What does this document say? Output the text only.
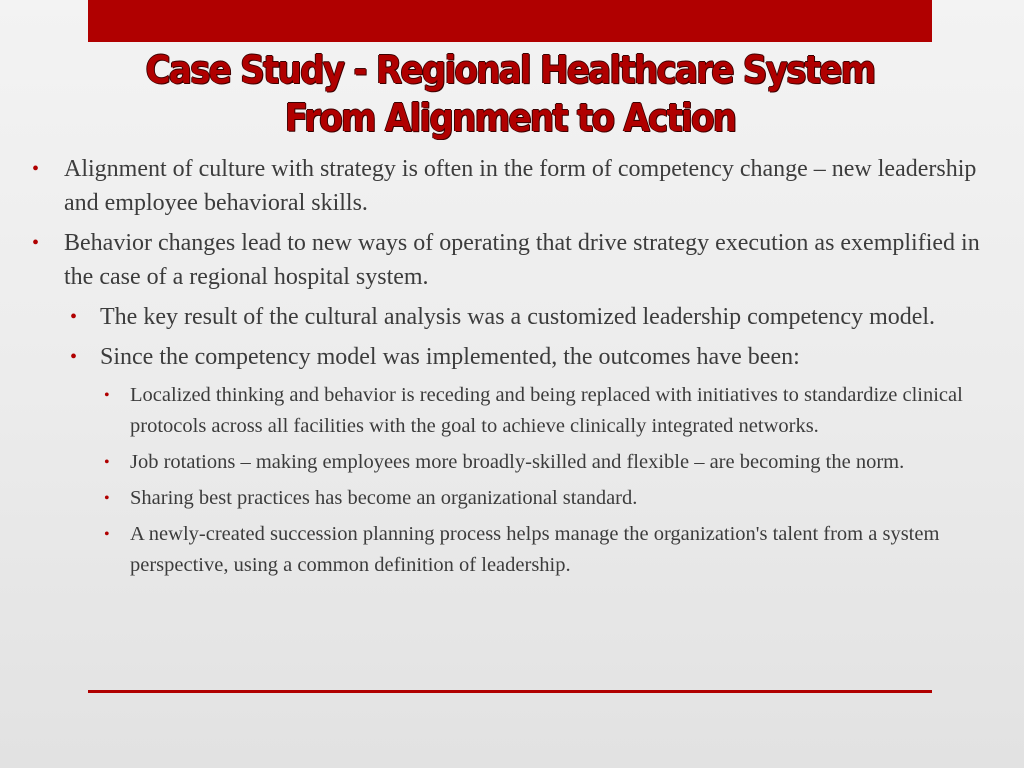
Case Study - Regional Healthcare System
From Alignment to Action
• Alignment of culture with strategy is often in the form of competency change – new leadership and employee behavioral skills.
• Behavior changes lead to new ways of operating that drive strategy execution as exemplified in the case of a regional hospital system.
• The key result of the cultural analysis was a customized leadership competency model.
• Since the competency model was implemented, the outcomes have been:
• Localized thinking and behavior is receding and being replaced with initiatives to standardize clinical protocols across all facilities with the goal to achieve clinically integrated networks.
• Job rotations – making employees more broadly-skilled and flexible – are becoming the norm.
• Sharing best practices has become an organizational standard.
• A newly-created succession planning process helps manage the organization's talent from a system perspective, using a common definition of leadership.
